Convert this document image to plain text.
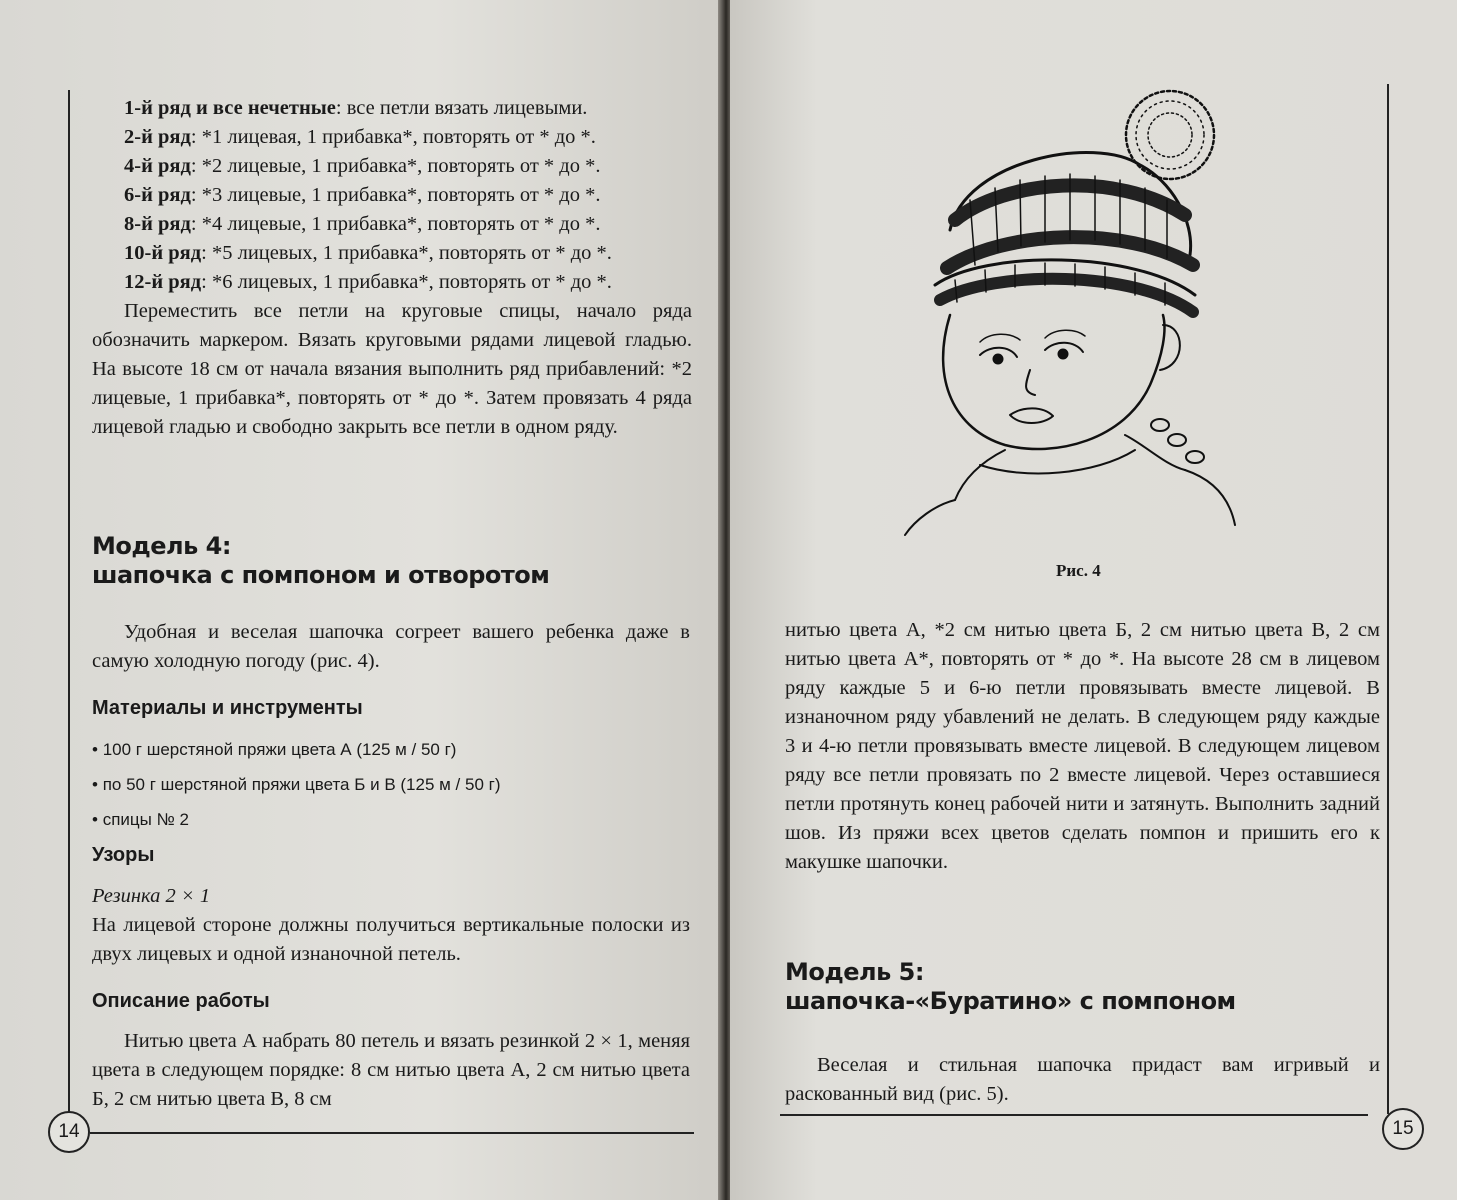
14

1-й ряд и все нечетные: все петли вязать лицевыми.

2-й ряд: *1 лицевая, 1 прибавка*, повторять от * до *.

4-й ряд: *2 лицевые, 1 прибавка*, повторять от * до *.

6-й ряд: *3 лицевые, 1 прибавка*, повторять от * до *.

8-й ряд: *4 лицевые, 1 прибавка*, повторять от * до *.

10-й ряд: *5 лицевых, 1 прибавка*, повторять от * до *.

12-й ряд: *6 лицевых, 1 прибавка*, повторять от * до *.

Переместить все петли на круговые спицы, начало ряда обозначить маркером. Вязать круговыми рядами лицевой гладью. На высоте 18 см от начала вязания выполнить ряд прибавлений: *2 лицевые, 1 прибавка*, повторять от * до *. Затем провязать 4 ряда лицевой гладью и свободно закрыть все петли в одном ряду.

Модель 4:
шапочка с помпоном и отворотом

Удобная и веселая шапочка согреет вашего ребенка даже в самую холодную погоду (рис. 4).

Материалы и инструменты
• 100 г шерстяной пряжи цвета А (125 м / 50 г)
• по 50 г шерстяной пряжи цвета Б и В (125 м / 50 г)
• спицы № 2
Узоры

Резинка 2 × 1

На лицевой стороне должны получиться вертикальные полоски из двух лицевых и одной изнаночной петель.

Описание работы

Нитью цвета А набрать 80 петель и вязать резинкой 2 × 1, меняя цвета в следующем порядке: 8 см нитью цвета А, 2 см нитью цвета Б, 2 см нитью цвета В, 8 см

15
Рис. 4

нитью цвета А, *2 см нитью цвета Б, 2 см нитью цвета В, 2 см нитью цвета А*, повторять от * до *. На высоте 28 см в лицевом ряду каждые 5 и 6-ю петли провязывать вместе лицевой. В изнаночном ряду убавлений не делать. В следующем ряду каждые 3 и 4-ю петли провязывать вместе лицевой. В следующем лицевом ряду все петли провязать по 2 вместе лицевой. Через оставшиеся петли протянуть конец рабочей нити и затянуть. Выполнить задний шов. Из пряжи всех цветов сделать помпон и пришить его к макушке шапочки.

Модель 5:
шапочка-«Буратино» с помпоном

Веселая и стильная шапочка придаст вам игривый и раскованный вид (рис. 5).
